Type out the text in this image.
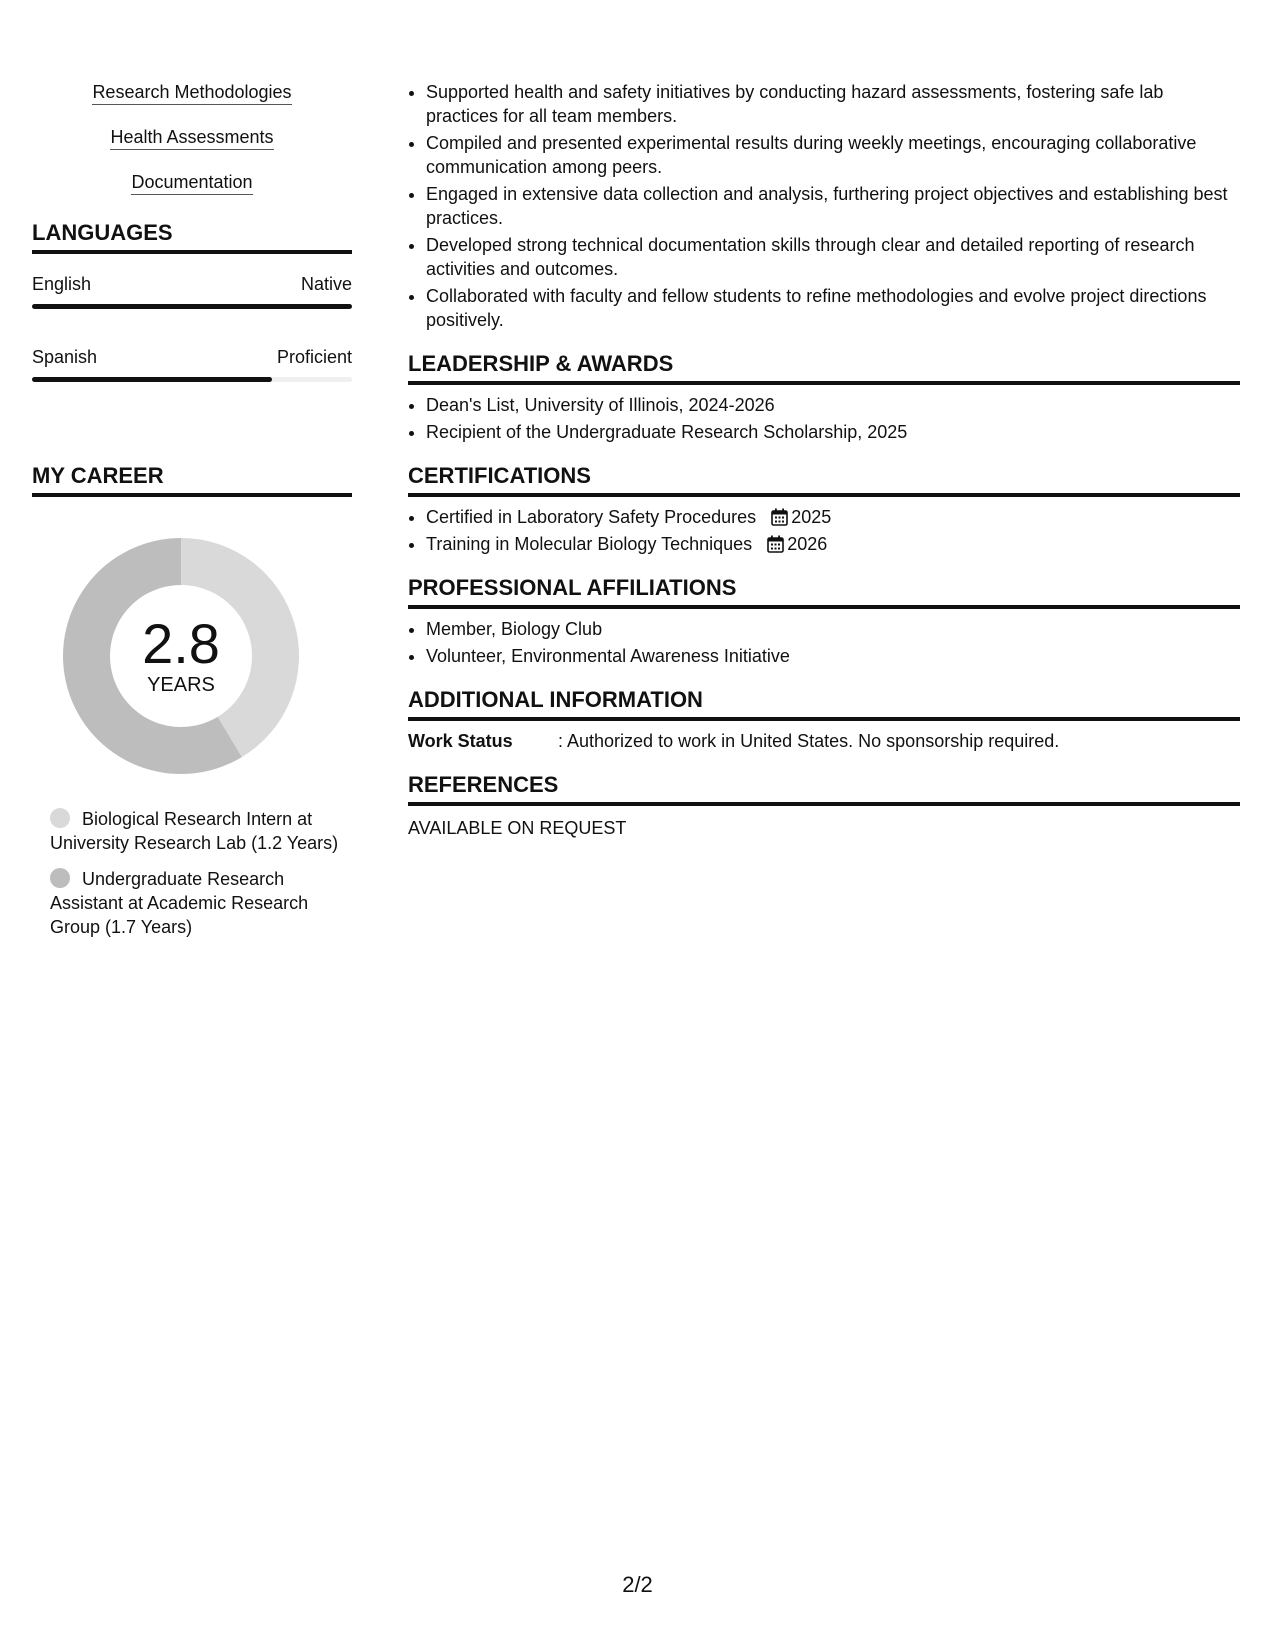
Research Methodologies
Health Assessments
Documentation
LANGUAGES
English	Native
Spanish	Proficient
MY CAREER
2.8
YEARS
Biological Research Intern at University Research Lab (1.2 Years)
Undergraduate Research Assistant at Academic Research Group (1.7 Years)
• Supported health and safety initiatives by conducting hazard assessments, fostering safe lab practices for all team members.
• Compiled and presented experimental results during weekly meetings, encouraging collaborative communication among peers.
• Engaged in extensive data collection and analysis, furthering project objectives and establishing best practices.
• Developed strong technical documentation skills through clear and detailed reporting of research activities and outcomes.
• Collaborated with faculty and fellow students to refine methodologies and evolve project directions positively.
LEADERSHIP & AWARDS
• Dean's List, University of Illinois, 2024-2026
• Recipient of the Undergraduate Research Scholarship, 2025
CERTIFICATIONS
• Certified in Laboratory Safety Procedures 2025
• Training in Molecular Biology Techniques 2026
PROFESSIONAL AFFILIATIONS
• Member, Biology Club
• Volunteer, Environmental Awareness Initiative
ADDITIONAL INFORMATION
Work Status	: Authorized to work in United States. No sponsorship required.
REFERENCES
AVAILABLE ON REQUEST
2/2
